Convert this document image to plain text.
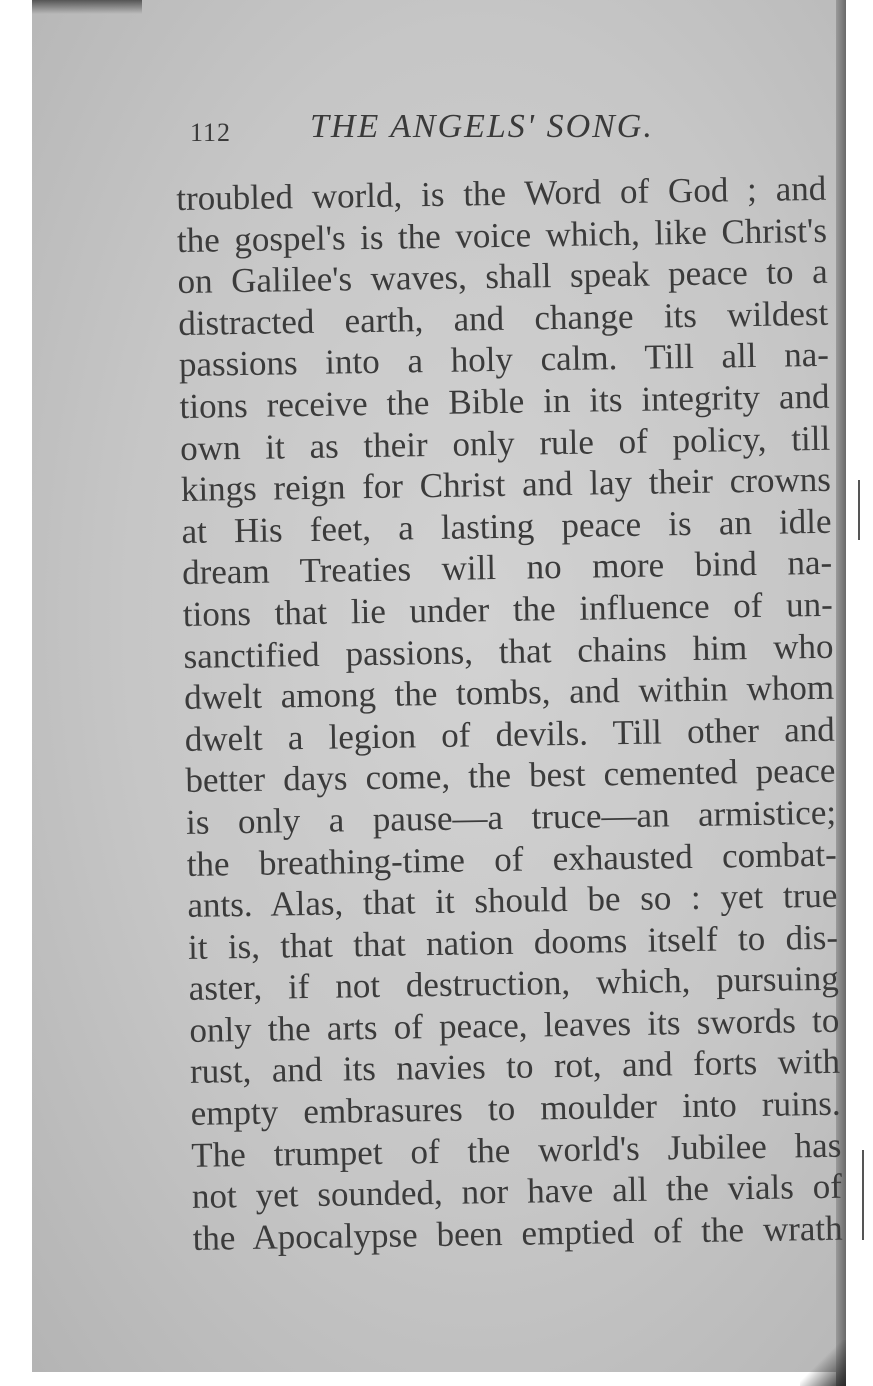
112 THE ANGELS' SONG.
troubled world, is the Word of God ; and
the gospel's is the voice which, like Christ's
on Galilee's waves, shall speak peace to a
distracted earth, and change its wildest
passions into a holy calm. Till all na-
tions receive the Bible in its integrity and
own it as their only rule of policy, till
kings reign for Christ and lay their crowns
at His feet, a lasting peace is an idle
dream Treaties will no more bind na-
tions that lie under the influence of un-
sanctified passions, that chains him who
dwelt among the tombs, and within whom
dwelt a legion of devils. Till other and
better days come, the best cemented peace
is only a pause—a truce—an armistice;
the breathing-time of exhausted combat-
ants. Alas, that it should be so : yet true
it is, that that nation dooms itself to dis-
aster, if not destruction, which, pursuing
only the arts of peace, leaves its swords to
rust, and its navies to rot, and forts with
empty embrasures to moulder into ruins.
The trumpet of the world's Jubilee has
not yet sounded, nor have all the vials of
the Apocalypse been emptied of the wrath
